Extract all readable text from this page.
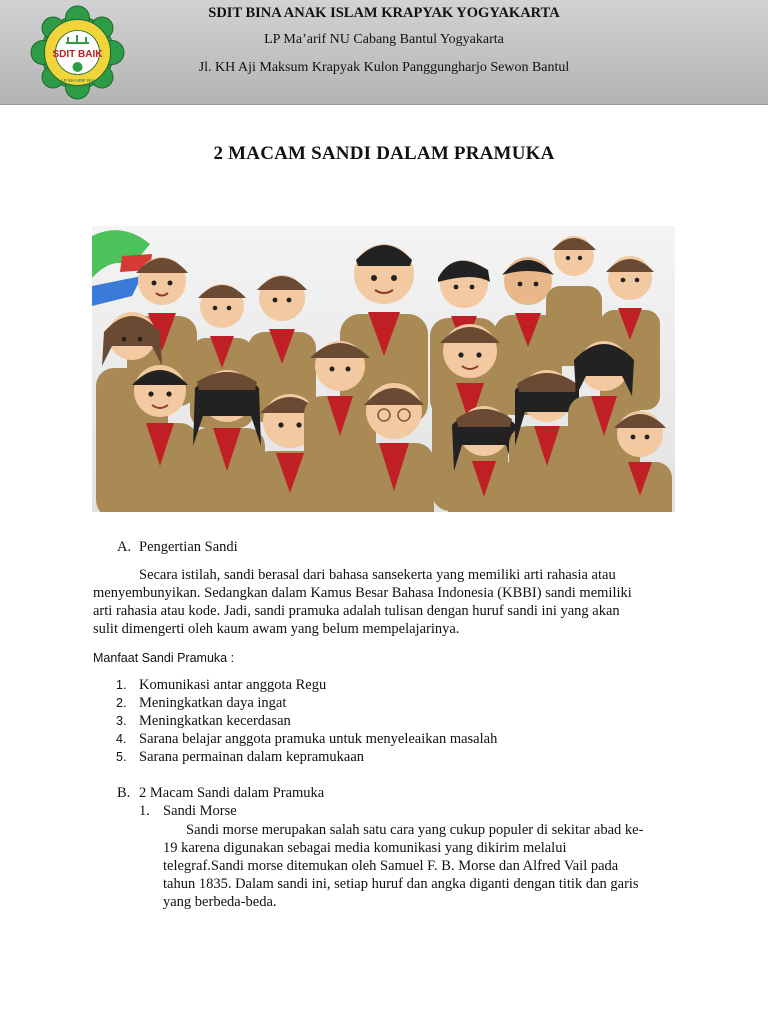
SDIT BAIK
LP MA'ARIF NU
SDIT BINA ANAK ISLAM KRAPYAK YOGYAKARTA
LP Ma’arif NU Cabang Bantul Yogyakarta
Jl. KH Aji Maksum Krapyak Kulon Panggungharjo Sewon Bantul
2 MACAM SANDI DALAM PRAMUKA
A. Pengertian Sandi
Secara istilah, sandi berasal dari bahasa sansekerta yang memiliki arti rahasia atau
menyembunyikan. Sedangkan dalam Kamus Besar Bahasa Indonesia (KBBI) sandi memiliki
arti rahasia atau kode. Jadi, sandi pramuka adalah tulisan dengan huruf sandi ini yang akan
sulit dimengerti oleh kaum awam yang belum mempelajarinya.
Manfaat Sandi Pramuka :
1. Komunikasi antar anggota Regu
2. Meningkatkan daya ingat
3. Meningkatkan kecerdasan
4. Sarana belajar anggota pramuka untuk menyeleaikan masalah
5. Sarana permainan dalam kepramukaan
B. 2 Macam Sandi dalam Pramuka
1. Sandi Morse
Sandi morse merupakan salah satu cara yang cukup populer di sekitar abad ke-
19 karena digunakan sebagai media komunikasi yang dikirim melalui
telegraf.Sandi morse ditemukan oleh Samuel F. B. Morse dan Alfred Vail pada
tahun 1835. Dalam sandi ini, setiap huruf dan angka diganti dengan titik dan garis
yang berbeda-beda.
